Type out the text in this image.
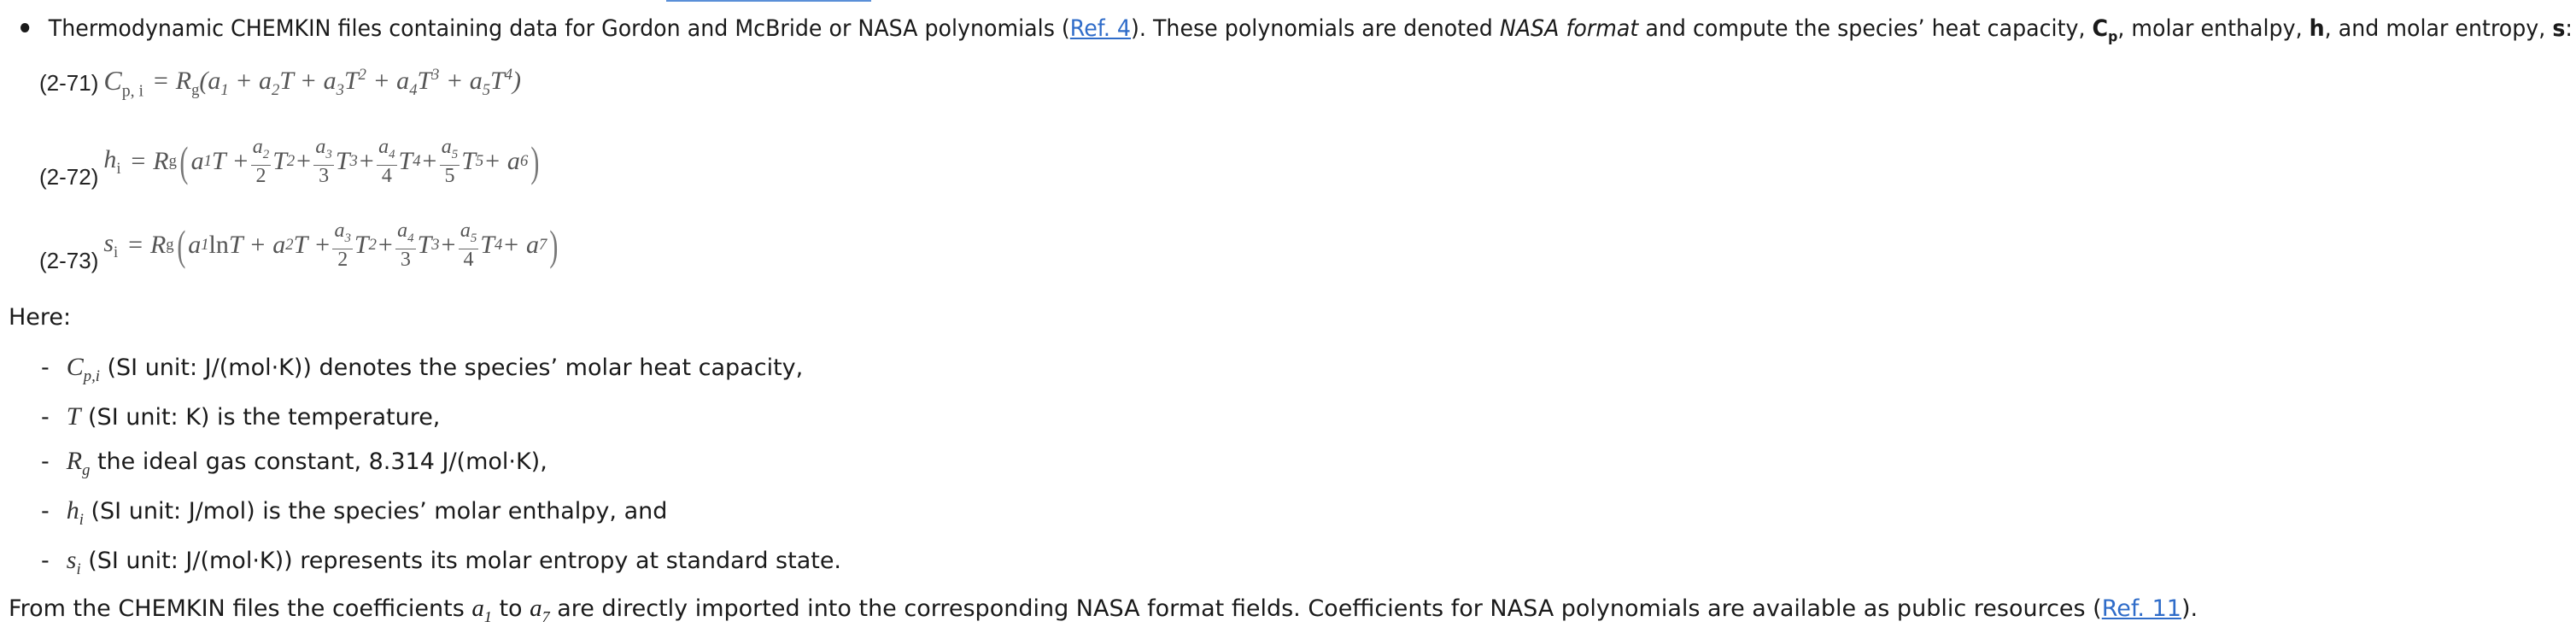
Thermodynamic CHEMKIN files containing data for Gordon and McBride or NASA polynomials (Ref. 4). These polynomials are denoted NASA format and compute the species’ heat capacity, $C_p$, molar enthalpy, h, and molar entropy, s:
(2-71) $C_{p, i} = R_g(a_1 + a_2T + a_3T^2 + a_4T^3 + a_5T^4)$
(2-72)
$h_i = R$ g ( a 1 $T + \frac{a_2}{2}$ T $2 + \frac{a_3}{3}$ T $3 + \frac{a_4}{4}$ T $4 + \frac{a_5}{5}$ T 5 + a 6 )
(2-73)
$s_i = R$ g ( a 1 ln T + a 2 $T + \frac{a_3}{2}$ T $2 + \frac{a_4}{3}$ T $3 + \frac{a_5}{4}$ T 4 + a 7 )
Here:
- $C_{p,i}$ (SI unit: J/(mol·K)) denotes the species’ molar heat capacity,
- T (SI unit: K) is the temperature,
- $R_g$ the ideal gas constant, 8.314 J/(mol·K),
- $h_i$ (SI unit: J/mol) is the species’ molar enthalpy, and
- $s_i$ (SI unit: J/(mol·K)) represents its molar entropy at standard state.
From the CHEMKIN files the coefficients $a_1$ to $a_7$ are directly imported into the corresponding NASA format fields. Coefficients for NASA polynomials are available as public resources (Ref. 11).
